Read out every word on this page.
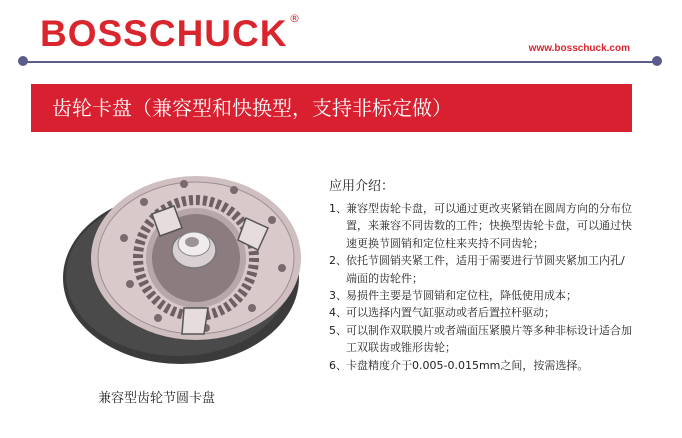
BOSSCHUCK ®
www.bosschuck.com
齿轮卡盘（兼容型和快换型，支持非标定做）
兼容型齿轮节圆卡盘
应用介绍：
1、 兼容型齿轮卡盘，可以通过更改夹紧销在圆周方向的分布位置，来兼容不同齿数的工件；快换型齿轮卡盘，可以通过快速更换节圆销和定位柱来夹持不同齿轮；
2、 依托节圆销夹紧工件，适用于需要进行节圆夹紧加工内孔/端面的齿轮件；
3、 易损件主要是节圆销和定位柱，降低使用成本；
4、 可以选择内置气缸驱动或者后置拉杆驱动；
5、 可以制作双联膜片或者端面压紧膜片等多种非标设计适合加工双联齿或锥形齿轮；
6、 卡盘精度介于0.005-0.015mm之间，按需选择。
